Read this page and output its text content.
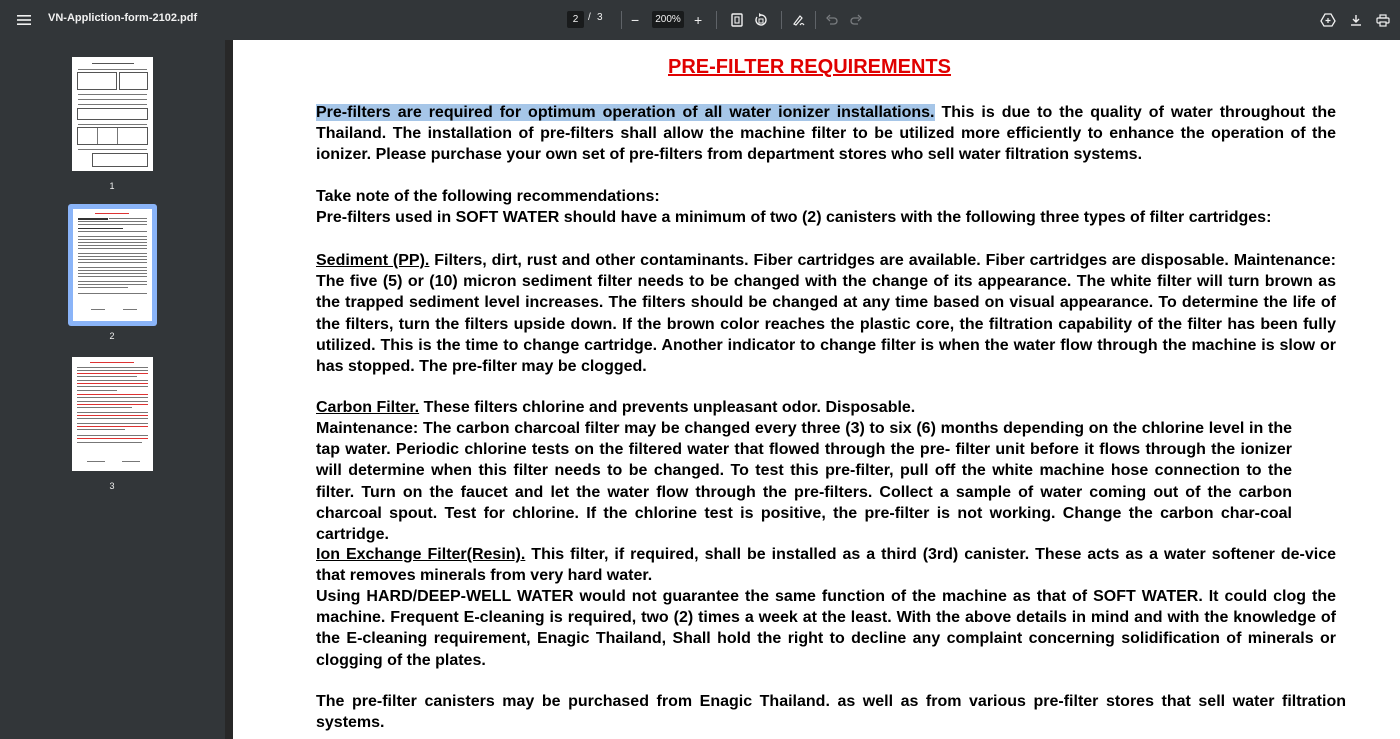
VN-Appliction-form-2102.pdf	2 / 3 −	200% +
1
2
3
PRE-FILTER REQUIREMENTS
Pre-filters are required for optimum operation of all water ionizer installations. This is due to the quality of water throughout the Thailand. The installation of pre-filters shall allow the machine filter to be utilized more efficiently to enhance the operation of the ionizer. Please purchase your own set of pre-filters from department stores who sell water filtration systems.
Take note of the following recommendations:
Pre-filters used in SOFT WATER should have a minimum of two (2) canisters with the following three types of filter cartridges:
Sediment (PP). Filters, dirt, rust and other contaminants. Fiber cartridges are available. Fiber cartridges are disposable. Maintenance: The five (5) or (10) micron sediment filter needs to be changed with the change of its appearance. The white filter will turn brown as the trapped sediment level increases. The filters should be changed at any time based on visual appearance. To determine the life of the filters, turn the filters upside down. If the brown color reaches the plastic core, the filtration capability of the filter has been fully utilized. This is the time to change cartridge. Another indicator to change filter is when the water flow through the machine is slow or has stopped. The pre-filter may be clogged.
Carbon Filter. These filters chlorine and prevents unpleasant odor. Disposable.
Maintenance: The carbon charcoal filter may be changed every three (3) to six (6) months depending on the chlorine level in the tap water. Periodic chlorine tests on the filtered water that flowed through the pre- filter unit before it flows through the ionizer will determine when this filter needs to be changed. To test this pre-filter, pull off the white machine hose connection to the filter. Turn on the faucet and let the water flow through the pre-filters. Collect a sample of water coming out of the carbon charcoal spout. Test for chlorine. If the chlorine test is positive, the pre-filter is not working. Change the carbon char-coal cartridge.
Ion Exchange Filter(Resin). This filter, if required, shall be installed as a third (3rd) canister. These acts as a water softener de-vice that removes minerals from very hard water.
Using HARD/DEEP-WELL WATER would not guarantee the same function of the machine as that of SOFT WATER. It could clog the machine. Frequent E-cleaning is required, two (2) times a week at the least. With the above details in mind and with the knowledge of the E-cleaning requirement, Enagic Thailand, Shall hold the right to decline any complaint concerning solidification of minerals or clogging of the plates.
The pre-filter canisters may be purchased from Enagic Thailand. as well as from various pre-filter stores that sell water filtration systems.
